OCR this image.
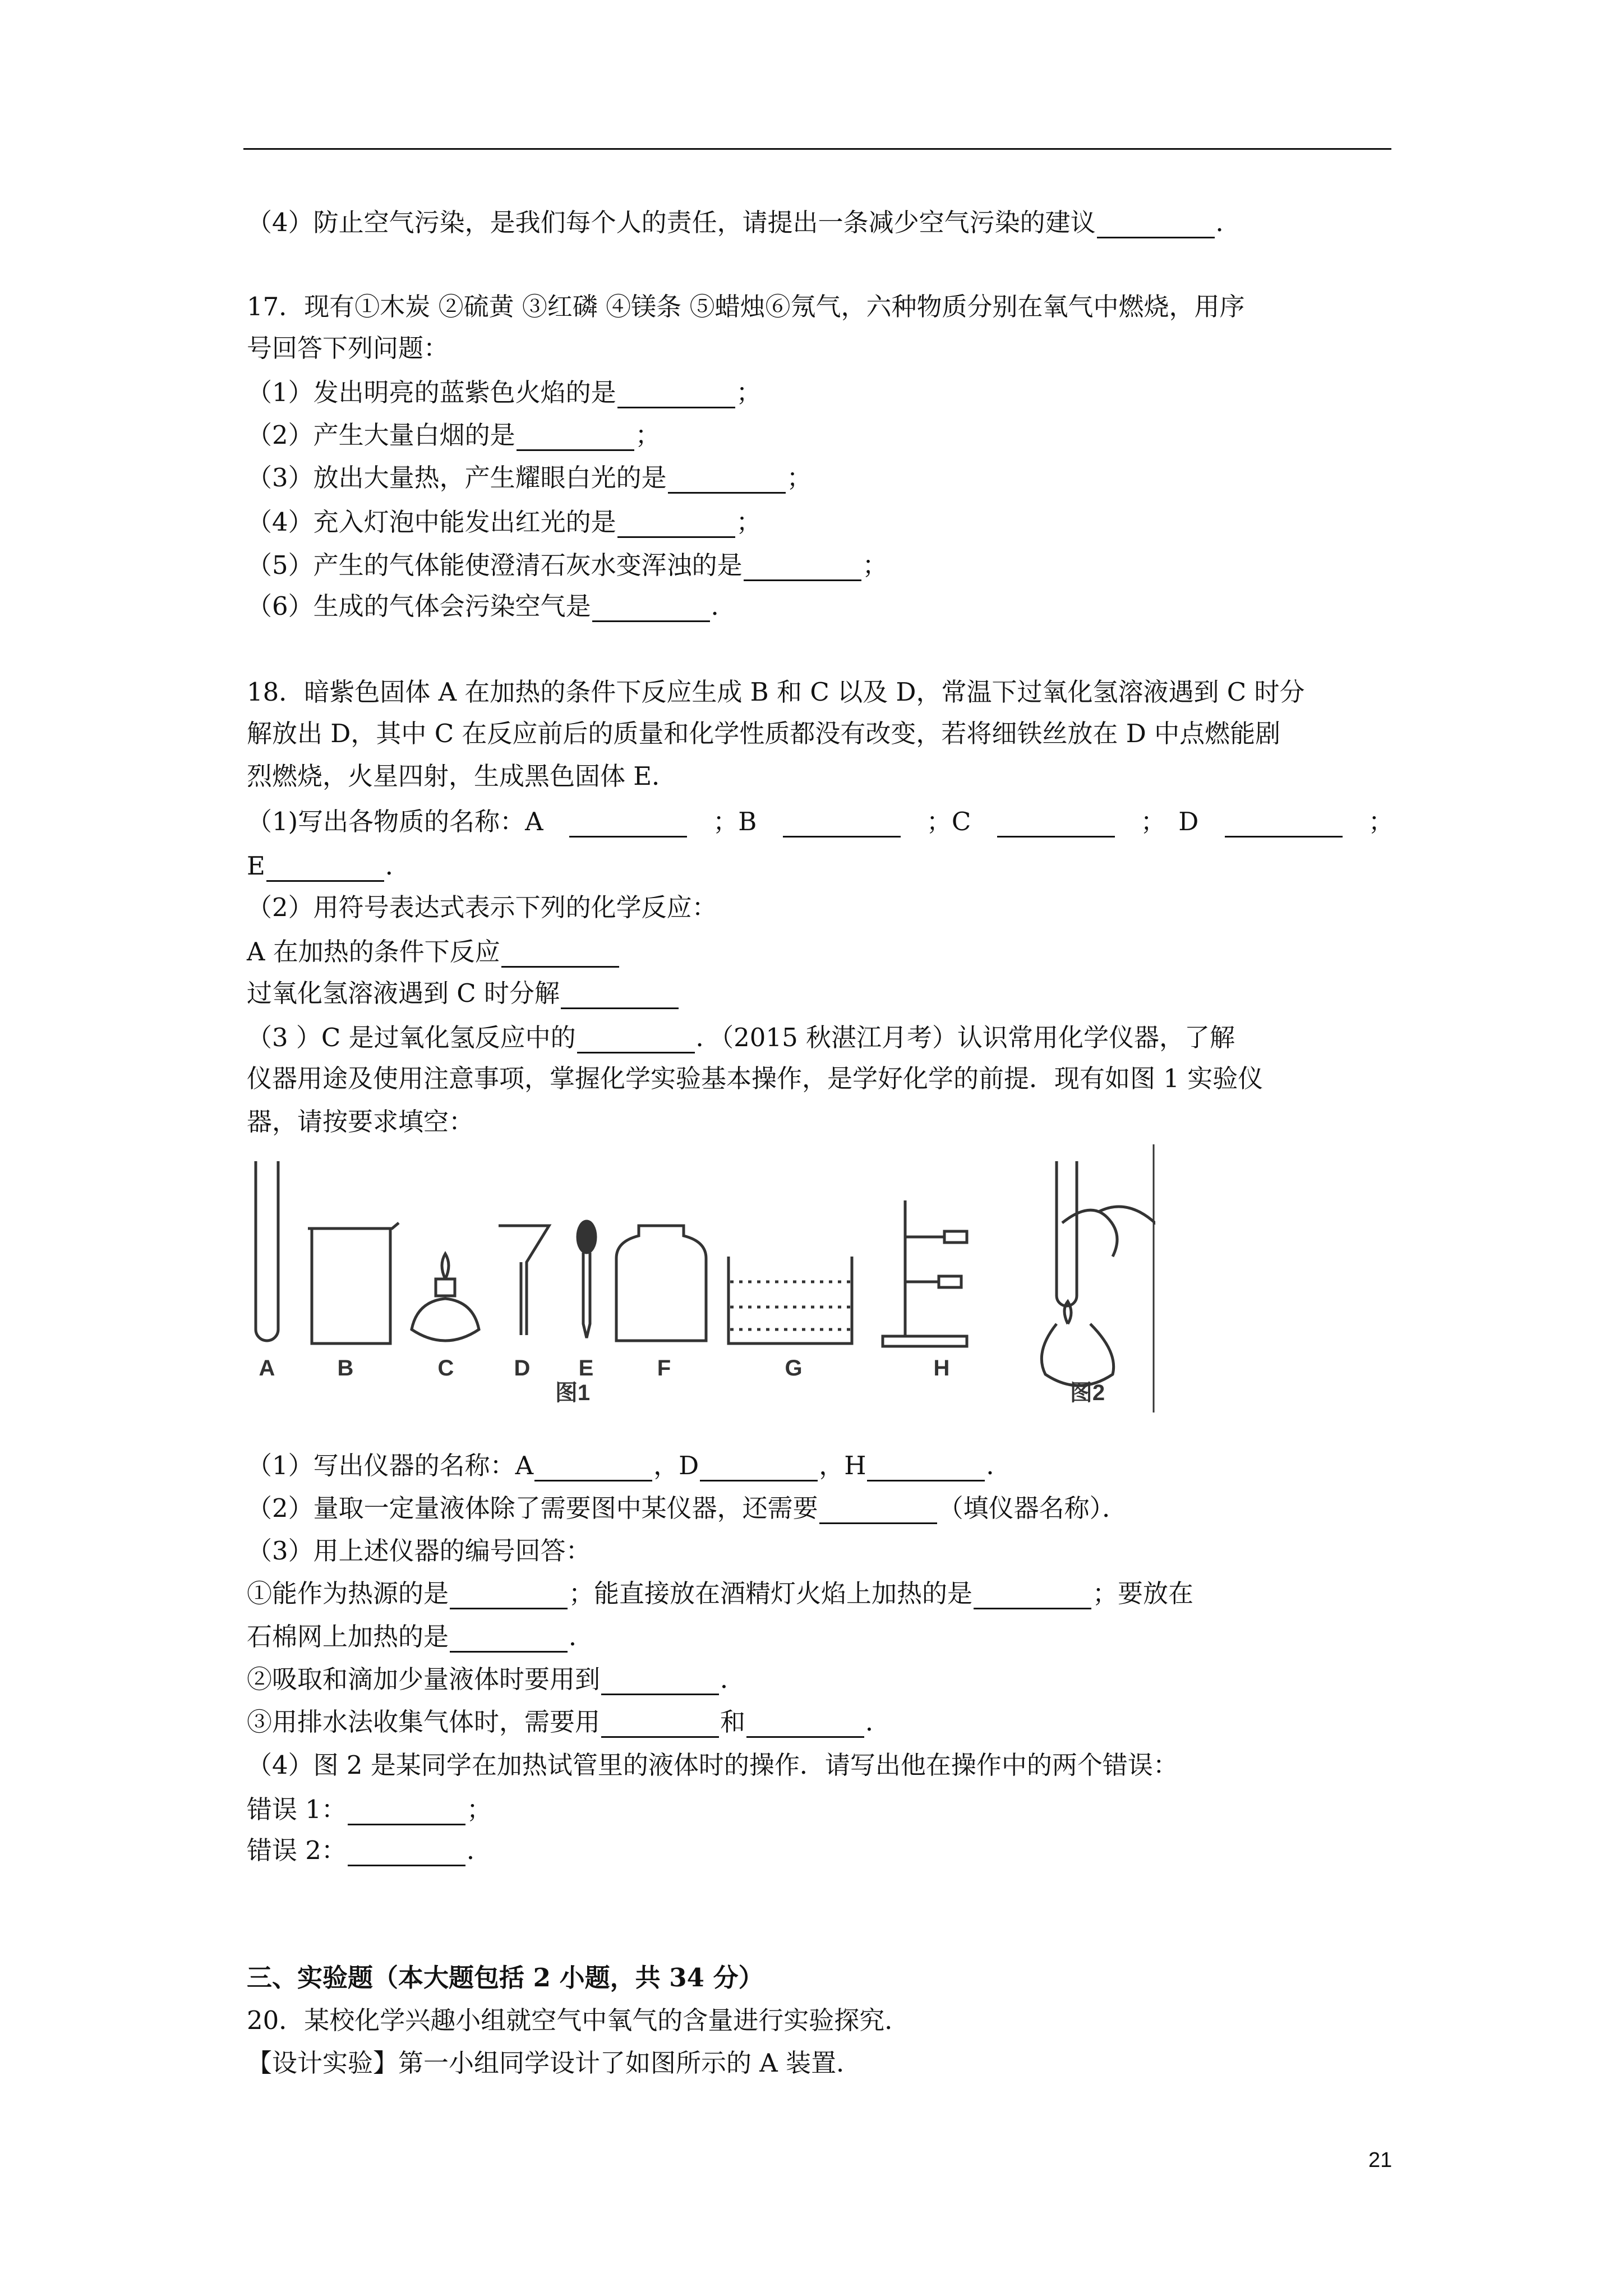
（4）防止空气污染，是我们每个人的责任，请提出一条减少空气污染的建议	．
17．现有①木炭 ②硫黄 ③红磷 ④镁条 ⑤蜡烛⑥氖气，六种物质分别在氧气中燃烧，用序
号回答下列问题：
（1）发出明亮的蓝紫色火焰的是	；
（2）产生大量白烟的是	；
（3）放出大量热，产生耀眼白光的是	；
（4）充入灯泡中能发出红光的是	；
（5）产生的气体能使澄清石灰水变浑浊的是	；
（6）生成的气体会污染空气是	．
18．暗紫色固体 A 在加热的条件下反应生成 B 和 C 以及 D，常温下过氧化氢溶液遇到 C 时分
解放出 D，其中 C 在反应前后的质量和化学性质都没有改变，若将细铁丝放在 D 中点燃能剧
烈燃烧，火星四射，生成黑色固体 E．
（1)写出各物质的名称：A	；B	；C	；　D	；
E	．
（2）用符号表达式表示下列的化学反应：
A 在加热的条件下反应
过氧化氢溶液遇到 C 时分解
（3 ）C 是过氧化氢反应中的	．（2015 秋湛江月考）认识常用化学仪器，了解
仪器用途及使用注意事项，掌握化学实验基本操作，是学好化学的前提．现有如图 1 实验仪
器，请按要求填空：
（1）写出仪器的名称：A	，D	，H	．
（2）量取一定量液体除了需要图中某仪器，还需要	（填仪器名称）．
（3）用上述仪器的编号回答：
①能作为热源的是	；能直接放在酒精灯火焰上加热的是	；要放在
石棉网上加热的是	．
②吸取和滴加少量液体时要用到	．
③用排水法收集气体时，需要用	和	．
（4）图 2 是某同学在加热试管里的液体时的操作．请写出他在操作中的两个错误：
错误 1：	；
错误 2：	．
三、实验题（本大题包括 2 小题，共 34 分）
20．某校化学兴趣小组就空气中氧气的含量进行实验探究．
【设计实验】第一小组同学设计了如图所示的 A 装置．
A	B	C	D E	F	G	H
图1	图2
21
